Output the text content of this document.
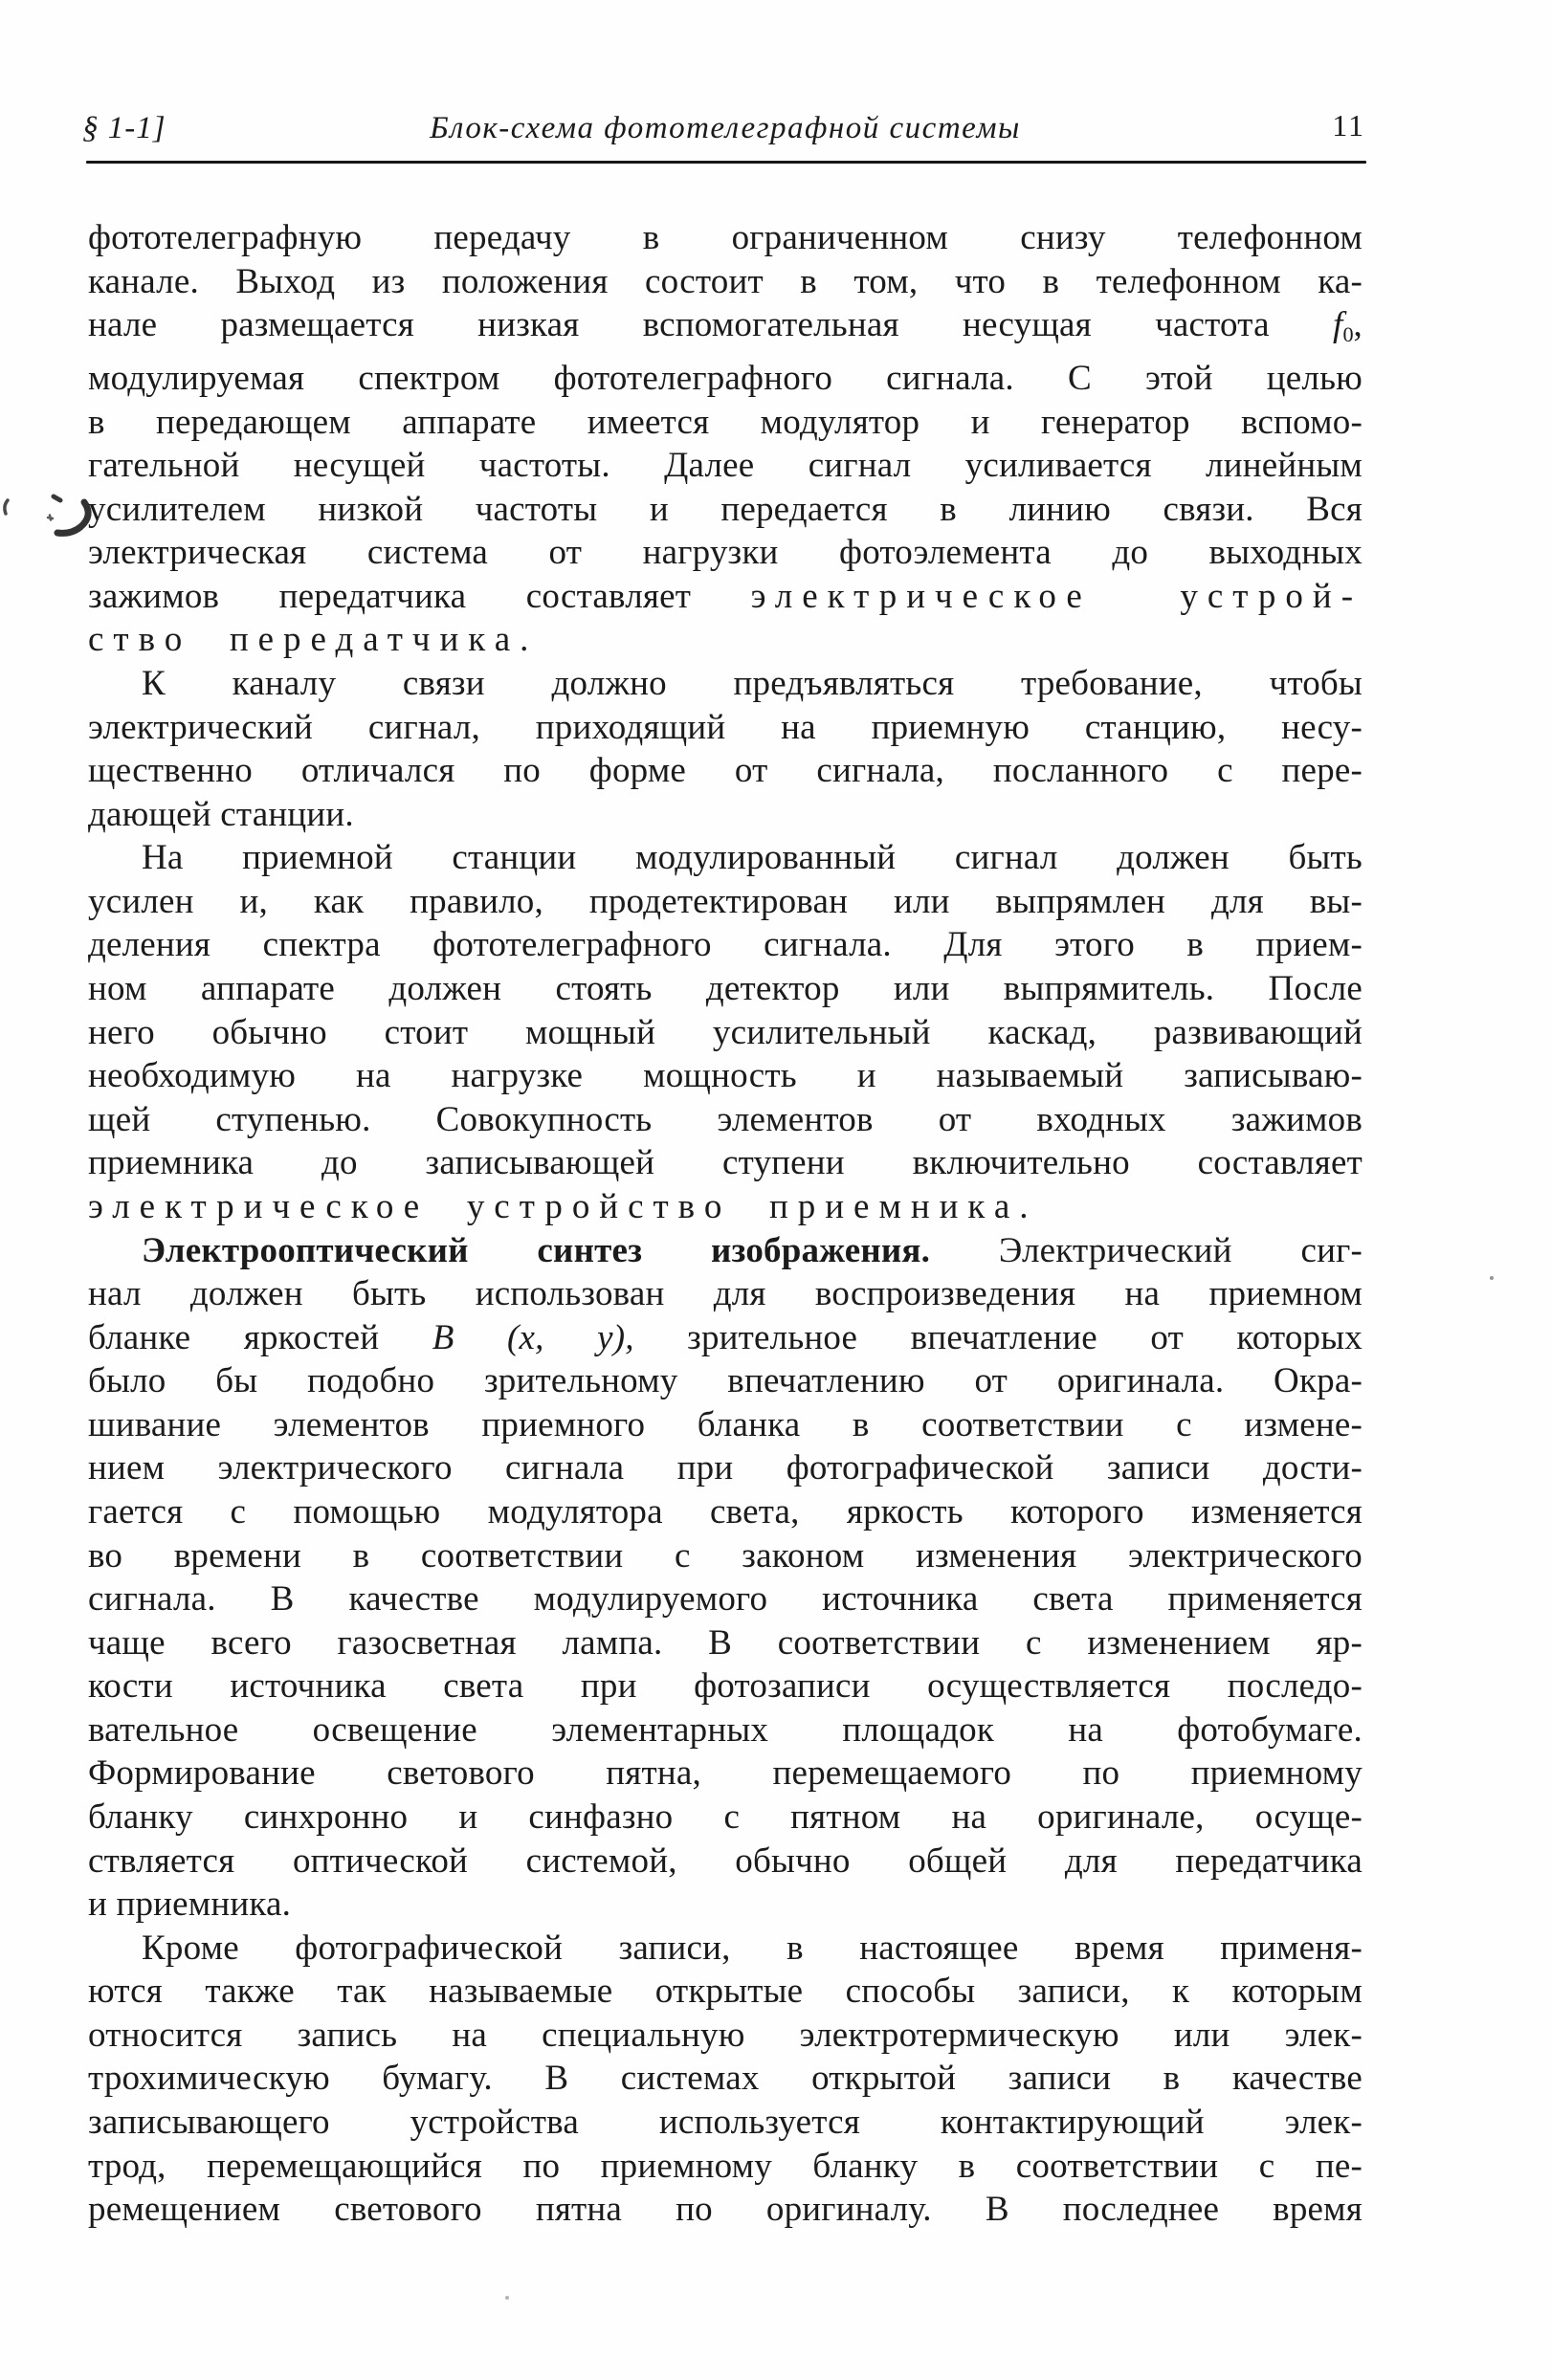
§ 1-1]	Блок-схема фототелеграфной системы	11
фототелеграфную передачу в ограниченном снизу телефонном
канале. Выход из положения состоит в том, что в телефонном ка-
нале размещается низкая вспомогательная несущая частота $f_0$,
модулируемая спектром фототелеграфного сигнала. С этой целью
в передающем аппарате имеется модулятор и генератор вспомо-
гательной несущей частоты. Далее сигнал усиливается линейным
усилителем низкой частоты и передается в линию связи. Вся
электрическая система от нагрузки фотоэлемента до выходных
зажимов передатчика составляет электрическое устрой-
ство передатчика.
К каналу связи должно предъявляться требование, чтобы
электрический сигнал, приходящий на приемную станцию, несу-
щественно отличался по форме от сигнала, посланного с пере-
дающей станции.
На приемной станции модулированный сигнал должен быть
усилен и, как правило, продетектирован или выпрямлен для вы-
деления спектра фототелеграфного сигнала. Для этого в прием-
ном аппарате должен стоять детектор или выпрямитель. После
него обычно стоит мощный усилительный каскад, развивающий
необходимую на нагрузке мощность и называемый записываю-
щей ступенью. Совокупность элементов от входных зажимов
приемника до записывающей ступени включительно составляет
электрическое устройство приемника.
Электрооптический синтез изображения. Электрический сиг-
нал должен быть использован для воспроизведения на приемном
бланке яркостей В (х, у), зрительное впечатление от которых
было бы подобно зрительному впечатлению от оригинала. Окра-
шивание элементов приемного бланка в соответствии с измене-
нием электрического сигнала при фотографической записи дости-
гается с помощью модулятора света, яркость которого изменяется
во времени в соответствии с законом изменения электрического
сигнала. В качестве модулируемого источника света применяется
чаще всего газосветная лампа. В соответствии с изменением яр-
кости источника света при фотозаписи осуществляется последо-
вательное освещение элементарных площадок на фотобумаге.
Формирование светового пятна, перемещаемого по приемному
бланку синхронно и синфазно с пятном на оригинале, осуще-
ствляется оптической системой, обычно общей для передатчика
и приемника.
Кроме фотографической записи, в настоящее время применя-
ются также так называемые открытые способы записи, к которым
относится запись на специальную электротермическую или элек-
трохимическую бумагу. В системах открытой записи в качестве
записывающего устройства используется контактирующий элек-
трод, перемещающийся по приемному бланку в соответствии с пе-
ремещением светового пятна по оригиналу. В последнее время
